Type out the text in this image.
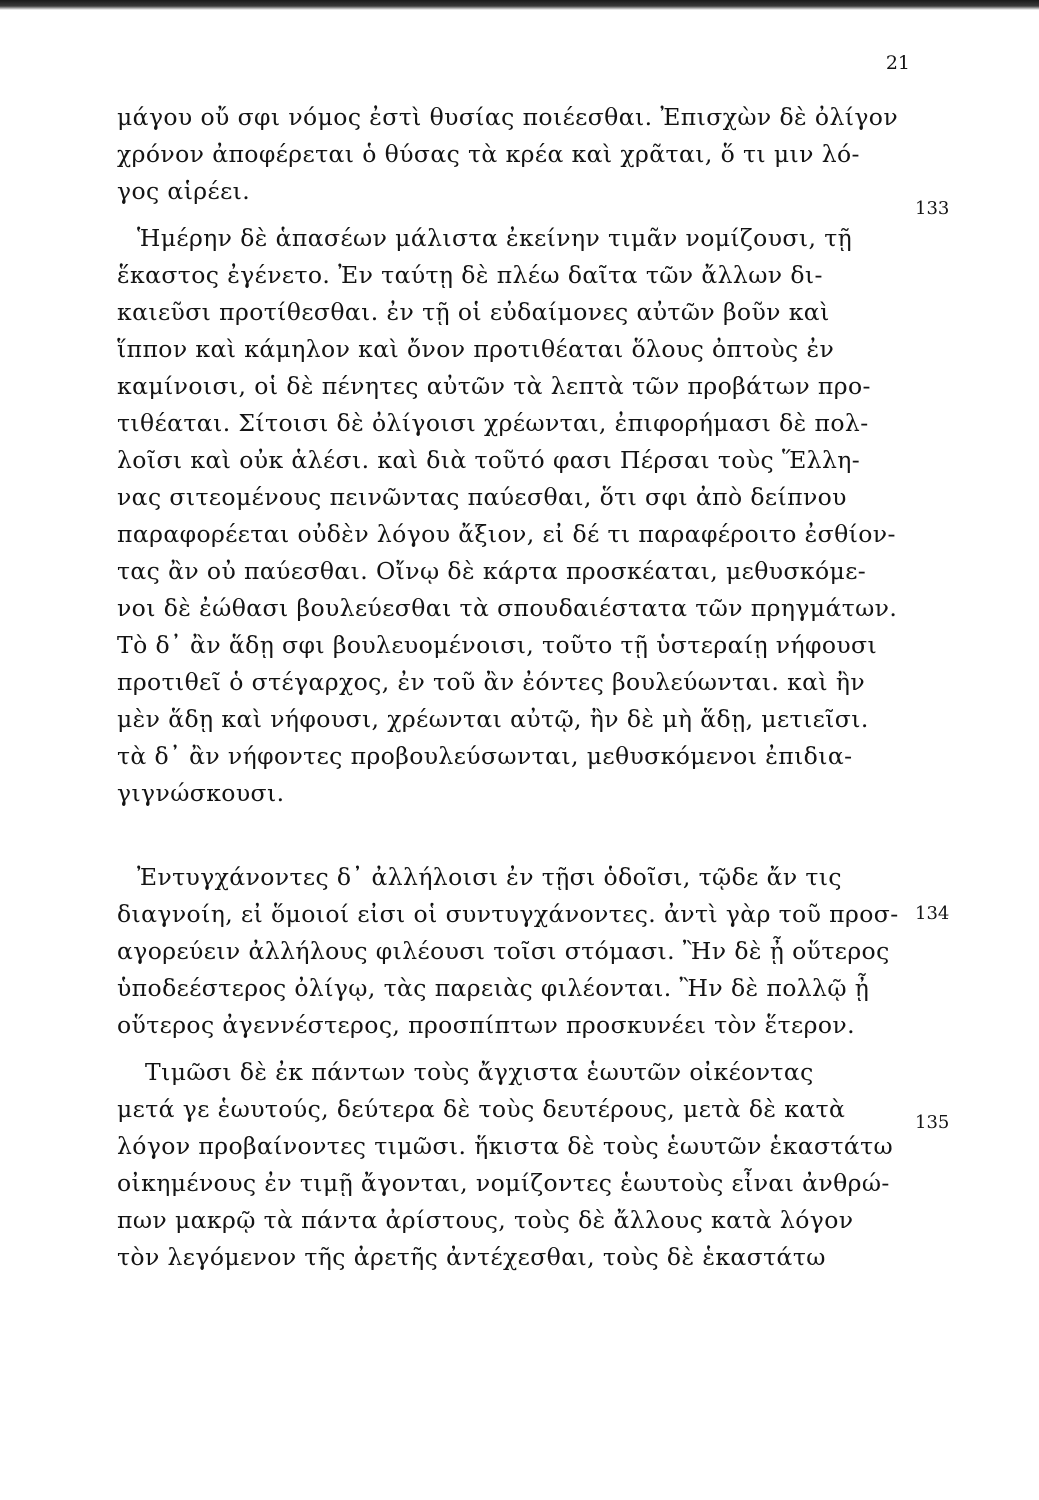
21
μάγου οὔ σφι νόμος ἐστὶ θυσίας ποιέεσθαι. Ἐπισχὼν δὲ ὀλίγον
χρόνον ἀποφέρεται ὁ θύσας τὰ κρέα καὶ χρᾶται, ὅ τι μιν λό-
γος αἱρέει.
Ἡμέρην δὲ ἁπασέων μάλιστα ἐκείνην τιμᾶν νομίζουσι, τῇ
ἕκαστος ἐγένετο. Ἐν ταύτῃ δὲ πλέω δαῖτα τῶν ἄλλων δι-
καιεῦσι προτίθεσθαι. ἐν τῇ οἱ εὐδαίμονες αὐτῶν βοῦν καὶ
ἵππον καὶ κάμηλον καὶ ὄνον προτιθέαται ὅλους ὀπτοὺς ἐν
καμίνοισι, οἱ δὲ πένητες αὐτῶν τὰ λεπτὰ τῶν προβάτων προ-
τιθέαται. Σίτοισι δὲ ὀλίγοισι χρέωνται, ἐπιφορήμασι δὲ πολ-
λοῖσι καὶ οὐκ ἁλέσι. καὶ διὰ τοῦτό φασι Πέρσαι τοὺς Ἕλλη-
νας σιτεομένους πεινῶντας παύεσθαι, ὅτι σφι ἀπὸ δείπνου
παραφορέεται οὐδὲν λόγου ἄξιον, εἰ δέ τι παραφέροιτο ἐσθίον-
τας ἂν οὐ παύεσθαι. Οἴνῳ δὲ κάρτα προσκέαται, μεθυσκόμε-
νοι δὲ ἐώθασι βουλεύεσθαι τὰ σπουδαιέστατα τῶν πρηγμάτων.
Τὸ δ᾽ ἂν ἅδῃ σφι βουλευομένοισι, τοῦτο τῇ ὑστεραίῃ νήφουσι
προτιθεῖ ὁ στέγαρχος, ἐν τοῦ ἂν ἐόντες βουλεύωνται. καὶ ἢν
μὲν ἅδῃ καὶ νήφουσι, χρέωνται αὐτῷ, ἢν δὲ μὴ ἅδῃ, μετιεῖσι.
τὰ δ᾽ ἂν νήφοντες προβουλεύσωνται, μεθυσκόμενοι ἐπιδια-
γιγνώσκουσι.
Ἐντυγχάνοντες δ᾽ ἀλλήλοισι ἐν τῇσι ὁδοῖσι, τῷδε ἄν τις
διαγνοίη, εἰ ὅμοιοί εἰσι οἱ συντυγχάνοντες. ἀντὶ γὰρ τοῦ προσ-
αγορεύειν ἀλλήλους φιλέουσι τοῖσι στόμασι. Ἢν δὲ ᾖ οὕτερος
ὑποδεέστερος ὀλίγῳ, τὰς παρειὰς φιλέονται. Ἢν δὲ πολλῷ ᾖ
οὕτερος ἀγεννέστερος, προσπίπτων προσκυνέει τὸν ἕτερον.
Τιμῶσι δὲ ἐκ πάντων τοὺς ἄγχιστα ἑωυτῶν οἰκέοντας
μετά γε ἑωυτούς, δεύτερα δὲ τοὺς δευτέρους, μετὰ δὲ κατὰ
λόγον προβαίνοντες τιμῶσι. ἥκιστα δὲ τοὺς ἑωυτῶν ἑκαστάτω
οἰκημένους ἐν τιμῇ ἄγονται, νομίζοντες ἑωυτοὺς εἶναι ἀνθρώ-
πων μακρῷ τὰ πάντα ἀρίστους, τοὺς δὲ ἄλλους κατὰ λόγον
τὸν λεγόμενον τῆς ἀρετῆς ἀντέχεσθαι, τοὺς δὲ ἑκαστάτω
133
134
135
